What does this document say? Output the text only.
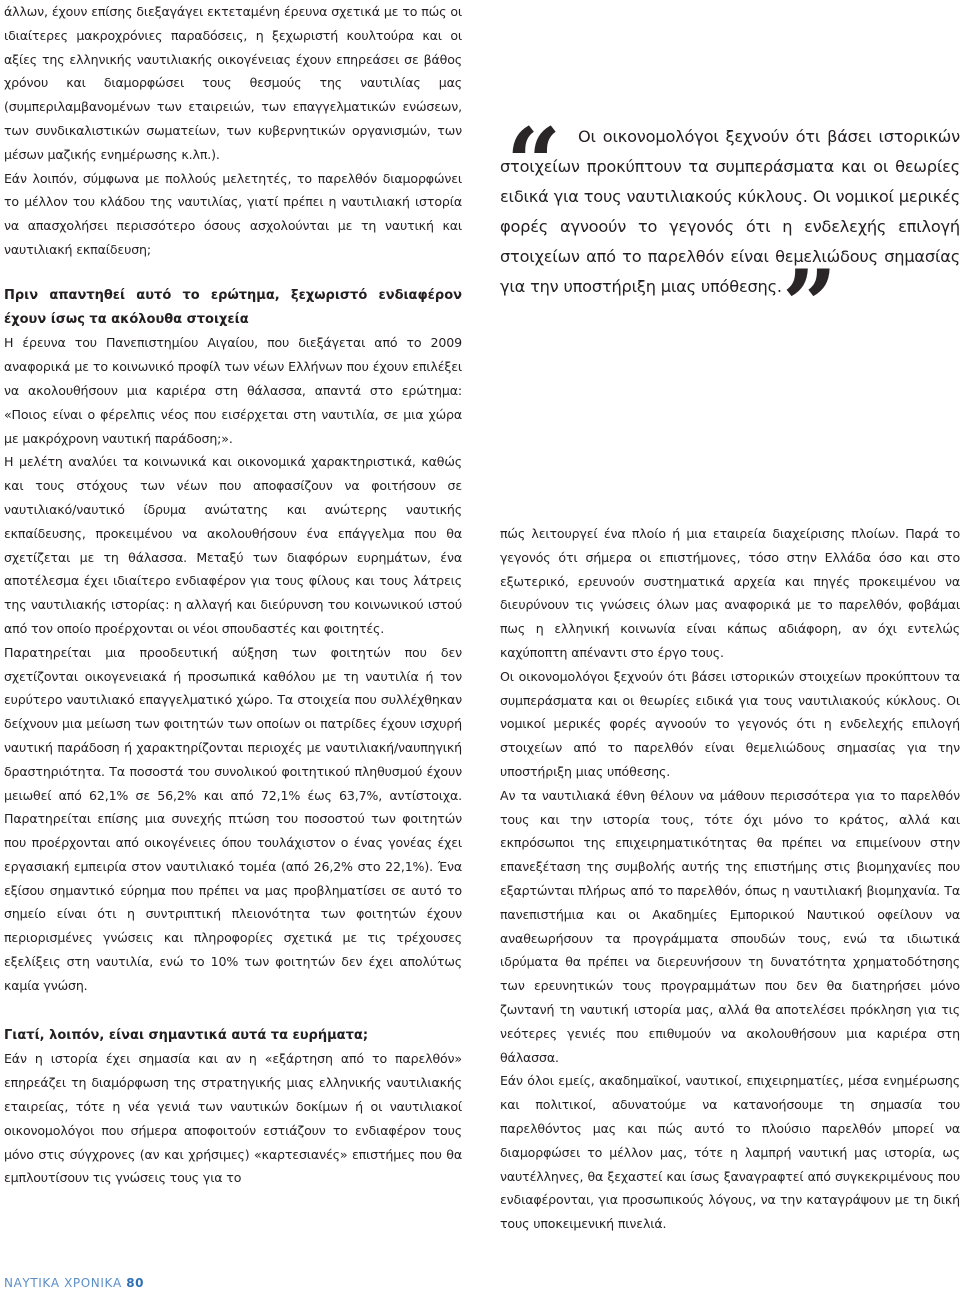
άλλων, έχουν επίσης διεξαγάγει εκτεταμένη έρευνα σχετικά με το πώς οι ιδιαίτερες μακροχρόνιες παραδόσεις, η ξεχωριστή κουλτούρα και οι αξίες της ελληνικής ναυτιλιακής οικογένειας έχουν επηρεάσει σε βάθος χρόνου και διαμορφώσει τους θεσμούς της ναυτιλίας μας (συμπεριλαμβανομένων των εταιρειών, των επαγγελματικών ενώσεων, των συνδικαλιστικών σωματείων, των κυβερνητικών οργανισμών, των μέσων μαζικής ενημέρωσης κ.λπ.).

Εάν λοιπόν, σύμφωνα με πολλούς μελετητές, το παρελθόν διαμορφώνει το μέλλον του κλάδου της ναυτιλίας, γιατί πρέπει η ναυτιλιακή ιστορία να απασχολήσει περισσότερο όσους ασχολούνται με τη ναυτική και ναυτιλιακή εκπαίδευση;

Πριν απαντηθεί αυτό το ερώτημα, ξεχωριστό ενδιαφέρον έχουν ίσως τα ακόλουθα στοιχεία

Η έρευνα του Πανεπιστημίου Αιγαίου, που διεξάγεται από το 2009 αναφορικά με το κοινωνικό προφίλ των νέων Ελλήνων που έχουν επιλέξει να ακολουθήσουν μια καριέρα στη θάλασσα, απαντά στο ερώτημα: «Ποιος είναι ο φέρελπις νέος που εισέρχεται στη ναυτιλία, σε μια χώρα με μακρόχρονη ναυτική παράδοση;».

Η μελέτη αναλύει τα κοινωνικά και οικονομικά χαρακτηριστικά, καθώς και τους στόχους των νέων που αποφασίζουν να φοιτήσουν σε ναυτιλιακό/ναυτικό ίδρυμα ανώτατης και ανώτερης ναυτικής εκπαίδευσης, προκειμένου να ακολουθήσουν ένα επάγγελμα που θα σχετίζεται με τη θάλασσα. Μεταξύ των διαφόρων ευρημάτων, ένα αποτέλεσμα έχει ιδιαίτερο ενδιαφέρον για τους φίλους και τους λάτρεις της ναυτιλιακής ιστορίας: η αλλαγή και διεύρυνση του κοινωνικού ιστού από τον οποίο προέρχονται οι νέοι σπουδαστές και φοιτητές.

Παρατηρείται μια προοδευτική αύξηση των φοιτητών που δεν σχετίζονται οικογενειακά ή προσωπικά καθόλου με τη ναυτιλία ή τον ευρύτερο ναυτιλιακό επαγγελματικό χώρο. Τα στοιχεία που συλλέχθηκαν δείχνουν μια μείωση των φοιτητών των οποίων οι πατρίδες έχουν ισχυρή ναυτική παράδοση ή χαρακτηρίζονται περιοχές με ναυτιλιακή/ναυπηγική δραστηριότητα. Τα ποσοστά του συνολικού φοιτητικού πληθυσμού έχουν μειωθεί από 62,1% σε 56,2% και από 72,1% έως 63,7%, αντίστοιχα. Παρατηρείται επίσης μια συνεχής πτώση του ποσοστού των φοιτητών που προέρχονται από οικογένειες όπου τουλάχιστον ο ένας γονέας έχει εργασιακή εμπειρία στον ναυτιλιακό τομέα (από 26,2% στο 22,1%). Ένα εξίσου σημαντικό εύρημα που πρέπει να μας προβληματίσει σε αυτό το σημείο είναι ότι η συντριπτική πλειονότητα των φοιτητών έχουν περιορισμένες γνώσεις και πληροφορίες σχετικά με τις τρέχουσες εξελίξεις στη ναυτιλία, ενώ το 10% των φοιτητών δεν έχει απολύτως καμία γνώση.

Γιατί, λοιπόν, είναι σημαντικά αυτά τα ευρήματα;

Εάν η ιστορία έχει σημασία και αν η «εξάρτηση από το παρελθόν» επηρεάζει τη διαμόρφωση της στρατηγικής μιας ελληνικής ναυτιλιακής εταιρείας, τότε η νέα γενιά των ναυτικών δοκίμων ή οι ναυτιλιακοί οικονομολόγοι που σήμερα αποφοιτούν εστιάζουν το ενδιαφέρον τους μόνο στις σύγχρονες (αν και χρήσιμες) «καρτεσιανές» επιστήμες που θα εμπλουτίσουν τις γνώσεις τους για το

“	Οι οικονομολόγοι ξεχνούν ότι βάσει ιστορικών στοιχείων προκύπτουν τα συμπεράσματα και οι θεωρίες ειδικά για τους ναυτιλιακούς κύκλους. Οι νομικοί μερικές φορές αγνοούν το γεγονός ότι η ενδελεχής επιλογή στοιχείων από το παρελθόν είναι θεμελιώδους σημασίας για την υποστήριξη μιας υπόθεσης. ”

πώς λειτουργεί ένα πλοίο ή μια εταιρεία διαχείρισης πλοίων. Παρά το γεγονός ότι σήμερα οι επιστήμονες, τόσο στην Ελλάδα όσο και στο εξωτερικό, ερευνούν συστηματικά αρχεία και πηγές προκειμένου να διευρύνουν τις γνώσεις όλων μας αναφορικά με το παρελθόν, φοβάμαι πως η ελληνική κοινωνία είναι κάπως αδιάφορη, αν όχι εντελώς καχύποπτη απέναντι στο έργο τους.

Οι οικονομολόγοι ξεχνούν ότι βάσει ιστορικών στοιχείων προκύπτουν τα συμπεράσματα και οι θεωρίες ειδικά για τους ναυτιλιακούς κύκλους. Οι νομικοί μερικές φορές αγνοούν το γεγονός ότι η ενδελεχής επιλογή στοιχείων από το παρελθόν είναι θεμελιώδους σημασίας για την υποστήριξη μιας υπόθεσης.

Αν τα ναυτιλιακά έθνη θέλουν να μάθουν περισσότερα για το παρελθόν τους και την ιστορία τους, τότε όχι μόνο το κράτος, αλλά και εκπρόσωποι της επιχειρηματικότητας θα πρέπει να επιμείνουν στην επανεξέταση της συμβολής αυτής της επιστήμης στις βιομηχανίες που εξαρτώνται πλήρως από το παρελθόν, όπως η ναυτιλιακή βιομηχανία. Τα πανεπιστήμια και οι Ακαδημίες Εμπορικού Ναυτικού οφείλουν να αναθεωρήσουν τα προγράμματα σπουδών τους, ενώ τα ιδιωτικά ιδρύματα θα πρέπει να διερευνήσουν τη δυνατότητα χρηματοδότησης των ερευνητικών τους προγραμμάτων που δεν θα διατηρήσει μόνο ζωντανή τη ναυτική ιστορία μας, αλλά θα αποτελέσει πρόκληση για τις νεότερες γενιές που επιθυμούν να ακολουθήσουν μια καριέρα στη θάλασσα.

Εάν όλοι εμείς, ακαδημαϊκοί, ναυτικοί, επιχειρηματίες, μέσα ενημέρωσης και πολιτικοί, αδυνατούμε να κατανοήσουμε τη σημασία του παρελθόντος μας και πώς αυτό το πλούσιο παρελθόν μπορεί να διαμορφώσει το μέλλον μας, τότε η λαμπρή ναυτική μας ιστορία, ως ναυτέλληνες, θα ξεχαστεί και ίσως ξαναγραφτεί από συγκεκριμένους που ενδιαφέρονται, για προσωπικούς λόγους, να την καταγράψουν με τη δική τους υποκειμενική πινελιά.

ΝΑΥΤΙΚΑ ΧΡΟΝΙΚΑ 80
